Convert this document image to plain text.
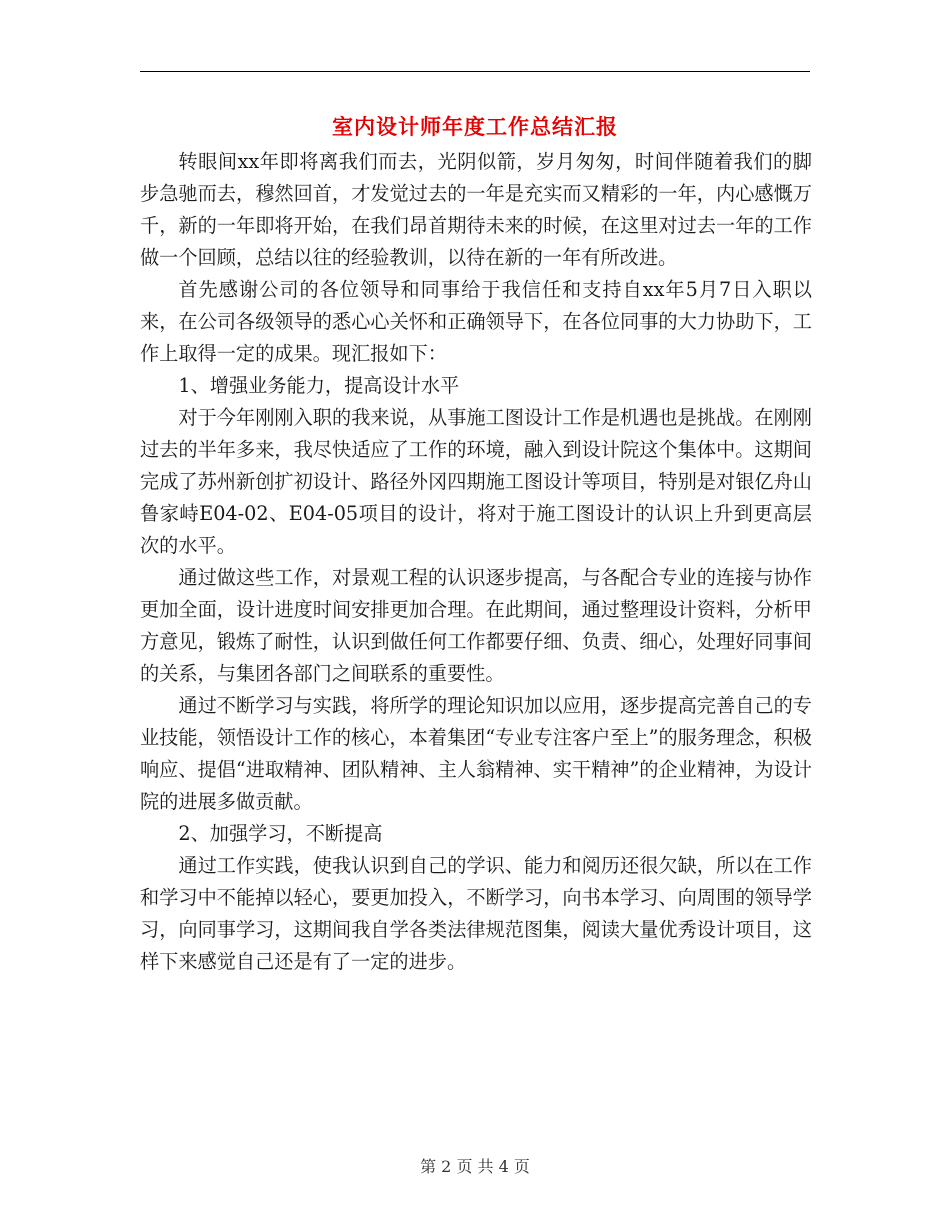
室内设计师年度工作总结汇报

转眼间xx年即将离我们而去，光阴似箭，岁月匆匆，时间伴随着我们的脚步急驰而去，穆然回首，才发觉过去的一年是充实而又精彩的一年，内心感慨万千，新的一年即将开始，在我们昂首期待未来的时候，在这里对过去一年的工作做一个回顾，总结以往的经验教训，以待在新的一年有所改进。

首先感谢公司的各位领导和同事给于我信任和支持自xx年5月7日入职以来，在公司各级领导的悉心心关怀和正确领导下，在各位同事的大力协助下，工作上取得一定的成果。现汇报如下：

1、增强业务能力，提高设计水平

对于今年刚刚入职的我来说，从事施工图设计工作是机遇也是挑战。在刚刚过去的半年多来，我尽快适应了工作的环境，融入到设计院这个集体中。这期间完成了苏州新创扩初设计、路径外冈四期施工图设计等项目，特别是对银亿舟山鲁家峙E04-02、E04-05项目的设计，将对于施工图设计的认识上升到更高层次的水平。

通过做这些工作，对景观工程的认识逐步提高，与各配合专业的连接与协作更加全面，设计进度时间安排更加合理。在此期间，通过整理设计资料，分析甲方意见，锻炼了耐性，认识到做任何工作都要仔细、负责、细心，处理好同事间的关系，与集团各部门之间联系的重要性。

通过不断学习与实践，将所学的理论知识加以应用，逐步提高完善自己的专业技能，领悟设计工作的核心，本着集团“专业专注客户至上”的服务理念，积极响应、提倡“进取精神、团队精神、主人翁精神、实干精神”的企业精神，为设计院的进展多做贡献。

2、加强学习，不断提高

通过工作实践，使我认识到自己的学识、能力和阅历还很欠缺，所以在工作和学习中不能掉以轻心，要更加投入，不断学习，向书本学习、向周围的领导学习，向同事学习，这期间我自学各类法律规范图集，阅读大量优秀设计项目，这样下来感觉自己还是有了一定的进步。

第 2 页 共 4 页
